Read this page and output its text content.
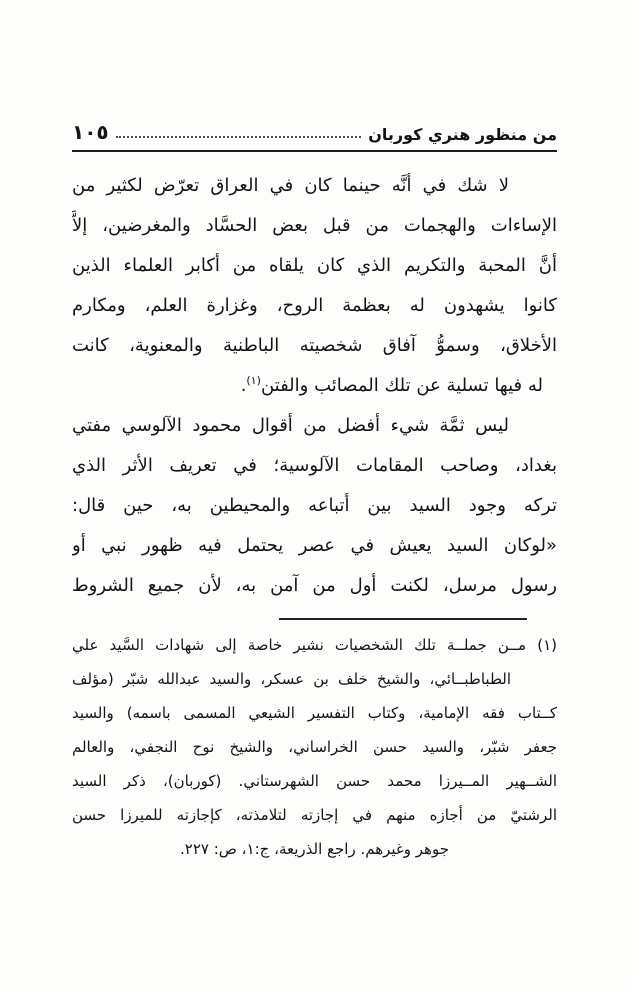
من منظور هنري كوربان
١٠٥
لا شك في أنَّه حينما كان في العراق تعرّض لكثير من
الإساءات والهجمات من قبل بعض الحسَّاد والمغرضين، إلاَّ
أنَّ المحبة والتكريم الذي كان يلقاه من أكابر العلماء الذين
كانوا يشهدون له بعظمة الروح، وغزارة العلم، ومكارم
الأخلاق، وسموُّ آفاق شخصيته الباطنية والمعنوية، كانت
له فيها تسلية عن تلك المصائب والفتن$^{(١)}$.
ليس ثمَّة شيء أفضل من أقوال محمود الآلوسي مفتي
بغداد، وصاحب المقامات الآلوسية؛ في تعريف الأثر الذي
تركه وجود السيد بين أتباعه والمحيطين به، حين قال:
«لوكان السيد يعيش في عصر يحتمل فيه ظهور نبي أو
رسول مرسل، لكنت أول من آمن به، لأن جميع الشروط
(١) مــن جملــة تلك الشخصيات نشير خاصة إلى شهادات السَّيد علي
الطباطبــائي، والشيخ خلف بن عسكر، والسيد عبدالله شبّر (مؤلف
كــتاب فقه الإمامية، وكتاب التفسير الشيعي المسمى باسمه) والسيد
جعفر شبّر، والسيد حسن الخراساني، والشيخ نوح النجفي، والعالم
الشــهير المــيرزا محمد حسن الشهرستاني. (كوربان)، ذكر السيد
الرشتيّ من أجازه منهم في إجازته لتلامذته، كإجازته للميرزا حسن
جوهر وغيرهم. راجع الذريعة، ج:١، ص: ٢٢٧.
